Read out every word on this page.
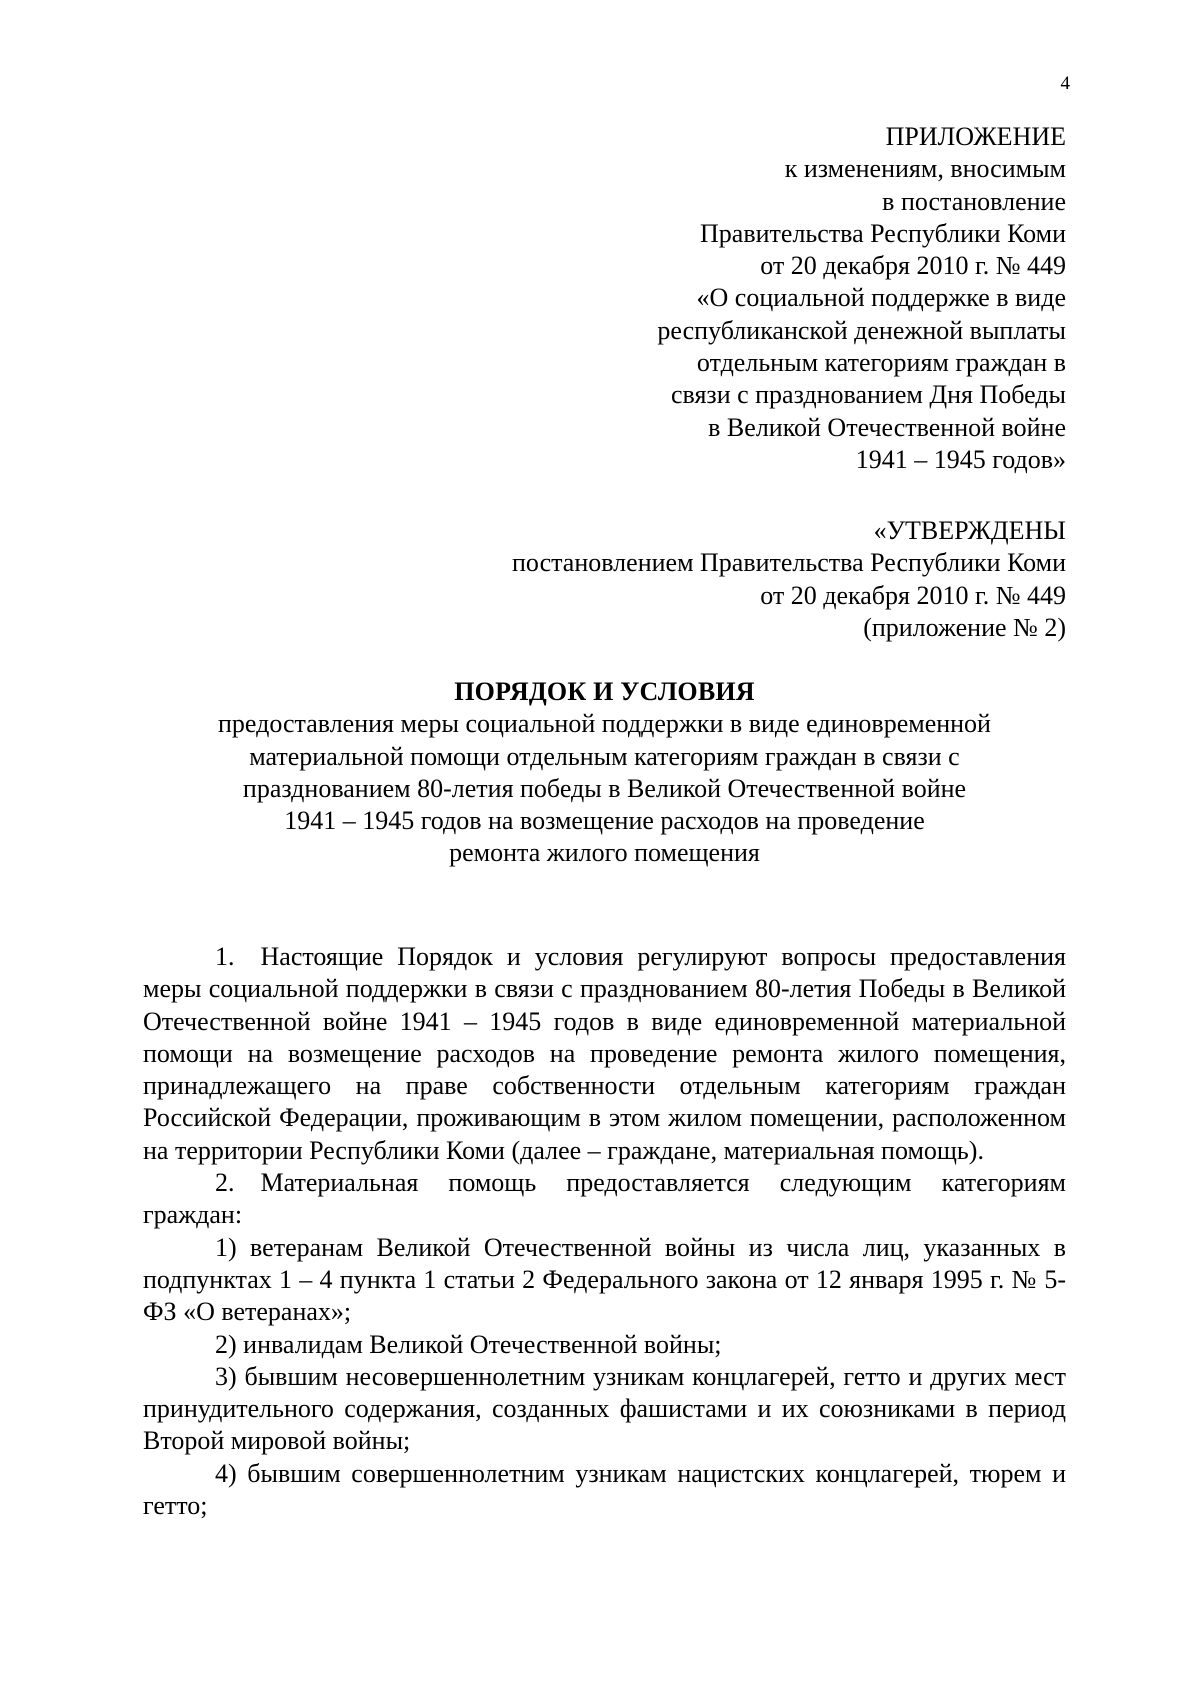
4
ПРИЛОЖЕНИЕ
к изменениям, вносимым
в постановление
Правительства Республики Коми
от 20 декабря 2010 г. № 449
«О социальной поддержке в виде
республиканской денежной выплаты
отдельным категориям граждан в
связи с празднованием Дня Победы
в Великой Отечественной войне
1941 – 1945 годов»
«УТВЕРЖДЕНЫ
постановлением Правительства Республики Коми
от 20 декабря 2010 г. № 449
(приложение № 2)
ПОРЯДОК И УСЛОВИЯ
предоставления меры социальной поддержки в виде единовременной
материальной помощи отдельным категориям граждан в связи с
празднованием 80-летия победы в Великой Отечественной войне
1941 – 1945 годов на возмещение расходов на проведение
ремонта жилого помещения

1. Настоящие Порядок и условия регулируют вопросы предоставления меры социальной поддержки в связи с празднованием 80-летия Победы в Великой Отечественной войне 1941 – 1945 годов в виде единовременной материальной помощи на возмещение расходов на проведение ремонта жилого помещения, принадлежащего на праве собственности отдельным категориям граждан Российской Федерации, проживающим в этом жилом помещении, расположенном на территории Республики Коми (далее – граждане, материальная помощь).

2. Материальная помощь предоставляется следующим категориям граждан:

1) ветеранам Великой Отечественной войны из числа лиц, указанных в подпунктах 1 – 4 пункта 1 статьи 2 Федерального закона от 12 января 1995 г. № 5-ФЗ «О ветеранах»;

2) инвалидам Великой Отечественной войны;

3) бывшим несовершеннолетним узникам концлагерей, гетто и других мест принудительного содержания, созданных фашистами и их союзниками в период Второй мировой войны;

4) бывшим совершеннолетним узникам нацистских концлагерей, тюрем и гетто;
